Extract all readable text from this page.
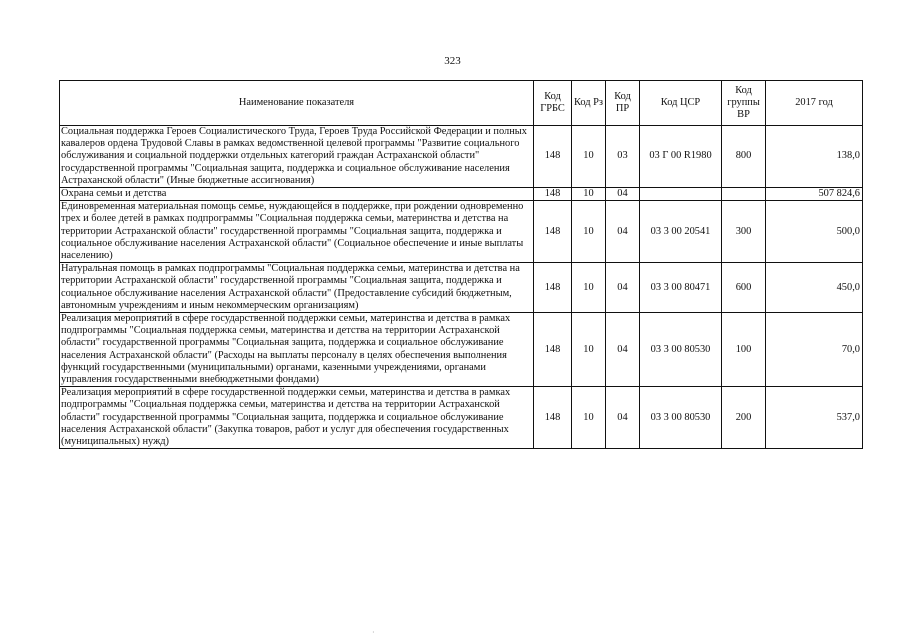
323
Наименование показателя	Код ГРБС	Код Рз	Код ПР	Код ЦСР	Код группы ВР	2017 год
Социальная поддержка Героев Социалистического Труда, Героев Труда Российской Федерации и полных кавалеров ордена Трудовой Славы в рамках ведомственной целевой программы "Развитие социального обслуживания и социальной поддержки отдельных категорий граждан Астраханской области" государственной программы "Социальная защита, поддержка и социальное обслуживание населения Астраханской области" (Иные бюджетные ассигнования)	148	10	03	03 Г 00 R1980	800	138,0
Охрана семьи и детства	148	10	04			507 824,6
Единовременная материальная помощь семье, нуждающейся в поддержке, при рождении одновременно трех и более детей в рамках подпрограммы "Социальная поддержка семьи, материнства и детства на территории Астраханской области" государственной программы "Социальная защита, поддержка и социальное обслуживание населения Астраханской области" (Социальное обеспечение и иные выплаты населению)	148	10	04	03 3 00 20541	300	500,0
Натуральная помощь в рамках подпрограммы "Социальная поддержка семьи, материнства и детства на территории Астраханской области" государственной программы "Социальная защита, поддержка и социальное обслуживание населения Астраханской области" (Предоставление субсидий бюджетным, автономным учреждениям и иным некоммерческим организациям)	148	10	04	03 3 00 80471	600	450,0
Реализация мероприятий в сфере государственной поддержки семьи, материнства и детства в рамках подпрограммы "Социальная поддержка семьи, материнства и детства на территории Астраханской области" государственной программы "Социальная защита, поддержка и социальное обслуживание населения Астраханской области" (Расходы на выплаты персоналу в целях обеспечения выполнения функций государственными (муниципальными) органами, казенными учреждениями, органами управления государственными внебюджетными фондами)	148	10	04	03 3 00 80530	100	70,0
Реализация мероприятий в сфере государственной поддержки семьи, материнства и детства в рамках подпрограммы "Социальная поддержка семьи, материнства и детства на территории Астраханской области" государственной программы "Социальная защита, поддержка и социальное обслуживание населения Астраханской области" (Закупка товаров, работ и услуг для обеспечения государственных (муниципальных) нужд)	148	10	04	03 3 00 80530	200	537,0
·
